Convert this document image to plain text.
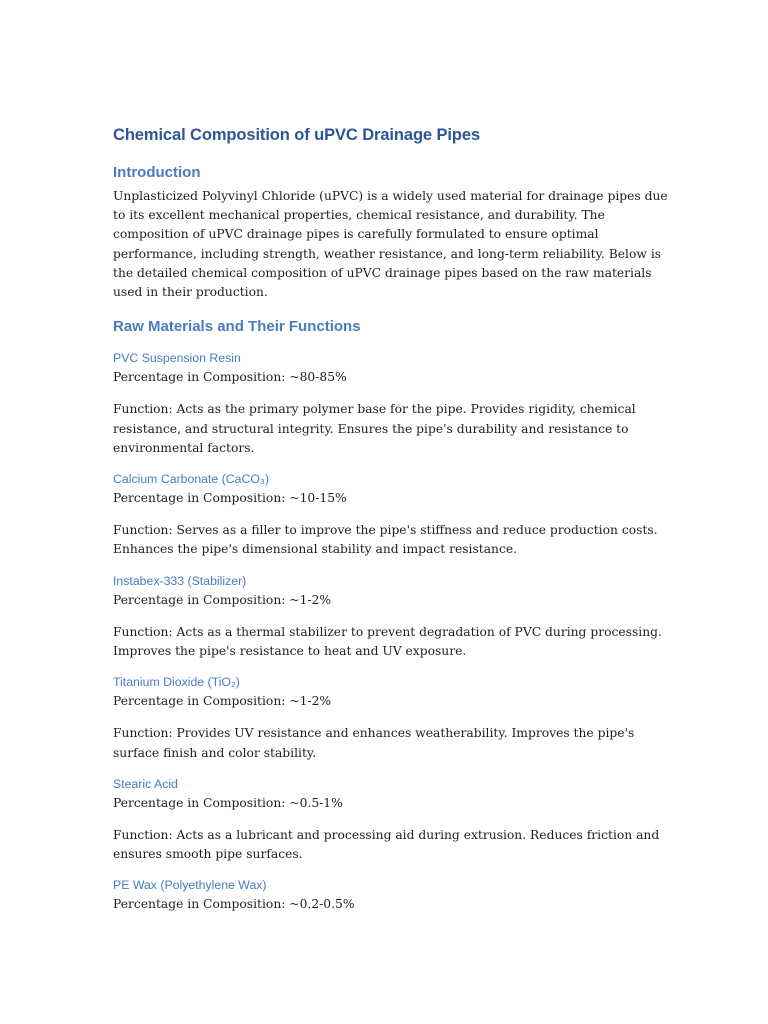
Chemical Composition of uPVC Drainage Pipes
Introduction

Unplasticized Polyvinyl Chloride (uPVC) is a widely used material for drainage pipes due to its excellent mechanical properties, chemical resistance, and durability. The composition of uPVC drainage pipes is carefully formulated to ensure optimal performance, including strength, weather resistance, and long-term reliability. Below is the detailed chemical composition of uPVC drainage pipes based on the raw materials used in their production.

Raw Materials and Their Functions

PVC Suspension Resin

Percentage in Composition: ~80-85%

Function: Acts as the primary polymer base for the pipe. Provides rigidity, chemical resistance, and structural integrity. Ensures the pipe's durability and resistance to environmental factors.

Calcium Carbonate (CaCO₃)

Percentage in Composition: ~10-15%

Function: Serves as a filler to improve the pipe's stiffness and reduce production costs. Enhances the pipe's dimensional stability and impact resistance.

Instabex-333 (Stabilizer)

Percentage in Composition: ~1-2%

Function: Acts as a thermal stabilizer to prevent degradation of PVC during processing. Improves the pipe's resistance to heat and UV exposure.

Titanium Dioxide (TiO₂)

Percentage in Composition: ~1-2%

Function: Provides UV resistance and enhances weatherability. Improves the pipe's surface finish and color stability.

Stearic Acid

Percentage in Composition: ~0.5-1%

Function: Acts as a lubricant and processing aid during extrusion. Reduces friction and ensures smooth pipe surfaces.

PE Wax (Polyethylene Wax)

Percentage in Composition: ~0.2-0.5%
